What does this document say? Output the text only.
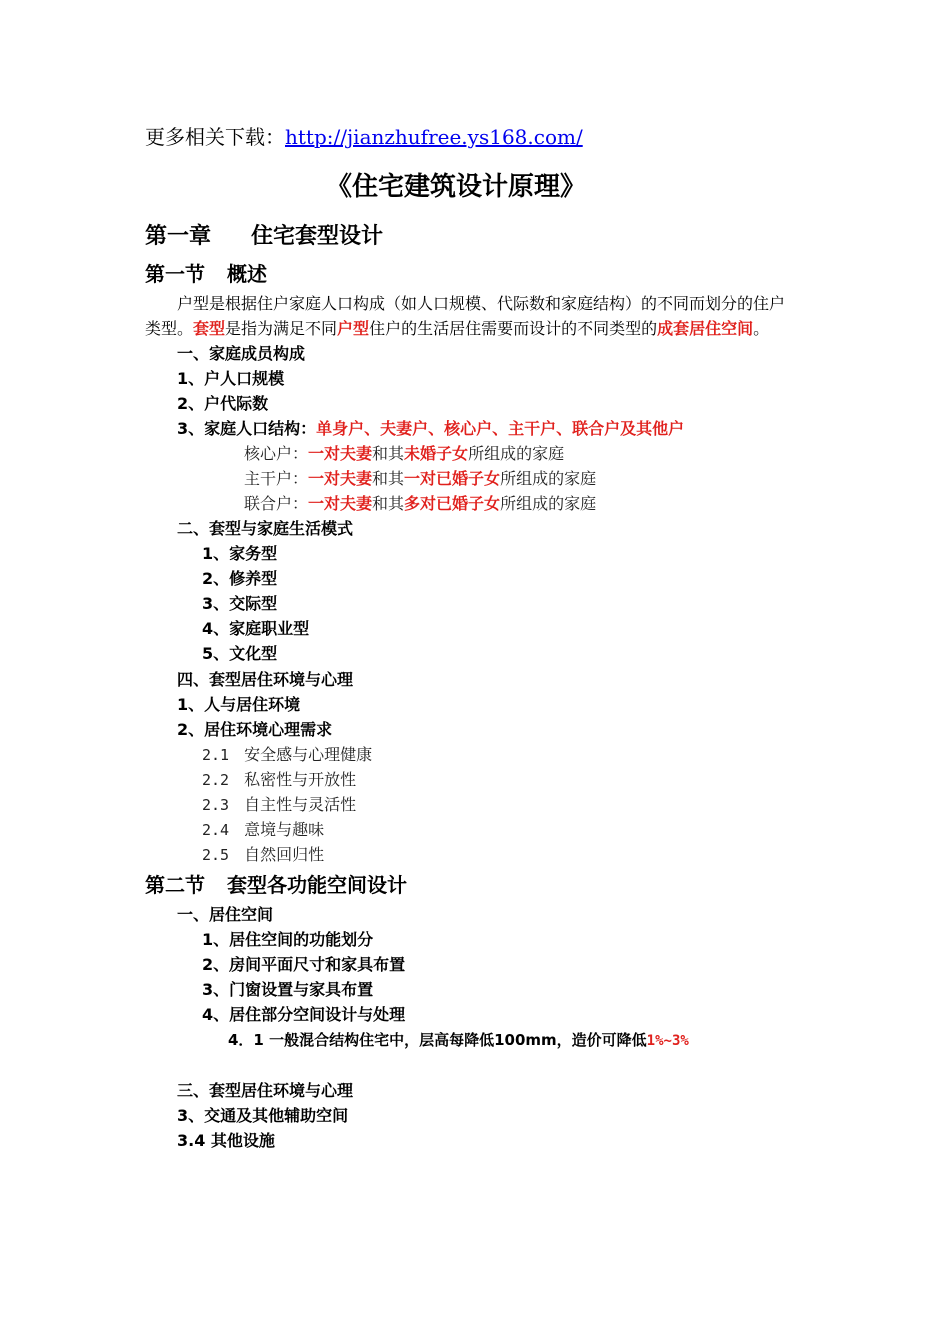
更多相关下载：http://jianzhufree.ys168.com/
《住宅建筑设计原理》
第一章 住宅套型设计
第一节 概述
户型是根据住户家庭人口构成（如人口规模、代际数和家庭结构）的不同而划分的住户
类型。套型是指为满足不同户型住户的生活居住需要而设计的不同类型的成套居住空间。
一、家庭成员构成
1、户人口规模
2、户代际数
3、家庭人口结构：单身户、夫妻户、核心户、主干户、联合户及其他户
核心户：一对夫妻和其未婚子女所组成的家庭
主干户：一对夫妻和其一对已婚子女所组成的家庭
联合户：一对夫妻和其多对已婚子女所组成的家庭
二、套型与家庭生活模式
1、家务型
2、修养型
3、交际型
4、家庭职业型
5、文化型
四、套型居住环境与心理
1、人与居住环境
2、居住环境心理需求
2.1 安全感与心理健康
2.2 私密性与开放性
2.3 自主性与灵活性
2.4 意境与趣味
2.5 自然回归性
第二节 套型各功能空间设计
一、居住空间
1、居住空间的功能划分
2、房间平面尺寸和家具布置
3、门窗设置与家具布置
4、居住部分空间设计与处理
4．1 一般混合结构住宅中，层高每降低100mm，造价可降低1%~3%
三、套型居住环境与心理
3、交通及其他辅助空间
3.4 其他设施
